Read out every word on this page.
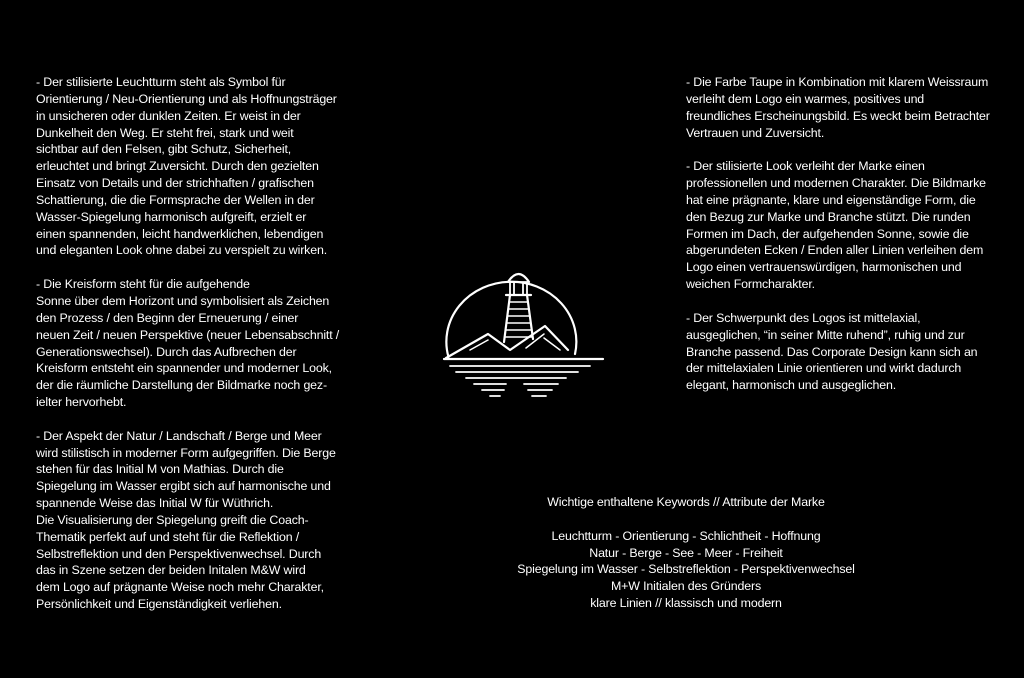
- Der stilisierte Leuchtturm steht als Symbol für

Orientierung / Neu-Orientierung und als Hoffnungsträger

in unsicheren oder dunklen Zeiten. Er weist in der

Dunkelheit den Weg. Er steht frei, stark und weit

sichtbar auf den Felsen, gibt Schutz, Sicherheit,

erleuchtet und bringt Zuversicht. Durch den gezielten

Einsatz von Details und der strichhaften / grafischen

Schattierung, die die Formsprache der Wellen in der

Wasser-Spiegelung harmonisch aufgreift, erzielt er

einen spannenden, leicht handwerklichen, lebendigen

und eleganten Look ohne dabei zu verspielt zu wirken.

- Die Kreisform steht für die aufgehende

Sonne über dem Horizont und symbolisiert als Zeichen

den Prozess / den Beginn der Erneuerung / einer

neuen Zeit / neuen Perspektive (neuer Lebensabschnitt /

Generationswechsel). Durch das Aufbrechen der

Kreisform entsteht ein spannender und moderner Look,

der die räumliche Darstellung der Bildmarke noch gez-

ielter hervorhebt.

- Der Aspekt der Natur / Landschaft / Berge und Meer

wird stilistisch in moderner Form aufgegriffen. Die Berge

stehen für das Initial M von Mathias. Durch die

Spiegelung im Wasser ergibt sich auf harmonische und

spannende Weise das Initial W für Wüthrich.

Die Visualisierung der Spiegelung greift die Coach-

Thematik perfekt auf und steht für die Reflektion /

Selbstreflektion und den Perspektivenwechsel. Durch

das in Szene setzen der beiden Initalen M&W wird

dem Logo auf prägnante Weise noch mehr Charakter,

Persönlichkeit und Eigenständigkeit verliehen.

- Die Farbe Taupe in Kombination mit klarem Weissraum

verleiht dem Logo ein warmes, positives und

freundliches Erscheinungsbild. Es weckt beim Betrachter

Vertrauen und Zuversicht.

- Der stilisierte Look verleiht der Marke einen

professionellen und modernen Charakter. Die Bildmarke

hat eine prägnante, klare und eigenständige Form, die

den Bezug zur Marke und Branche stützt. Die runden

Formen im Dach, der aufgehenden Sonne, sowie die

abgerundeten Ecken / Enden aller Linien verleihen dem

Logo einen vertrauenswürdigen, harmonischen und

weichen Formcharakter.

- Der Schwerpunkt des Logos ist mittelaxial,

ausgeglichen, “in seiner Mitte ruhend”, ruhig und zur

Branche passend. Das Corporate Design kann sich an

der mittelaxialen Linie orientieren und wirkt dadurch

elegant, harmonisch und ausgeglichen.

Wichtige enthaltene Keywords // Attribute der Marke
Leuchtturm - Orientierung - Schlichtheit - Hoffnung
Natur - Berge - See - Meer - Freiheit
Spiegelung im Wasser - Selbstreflektion - Perspektivenwechsel
M+W Initialen des Gründers
klare Linien // klassisch und modern
